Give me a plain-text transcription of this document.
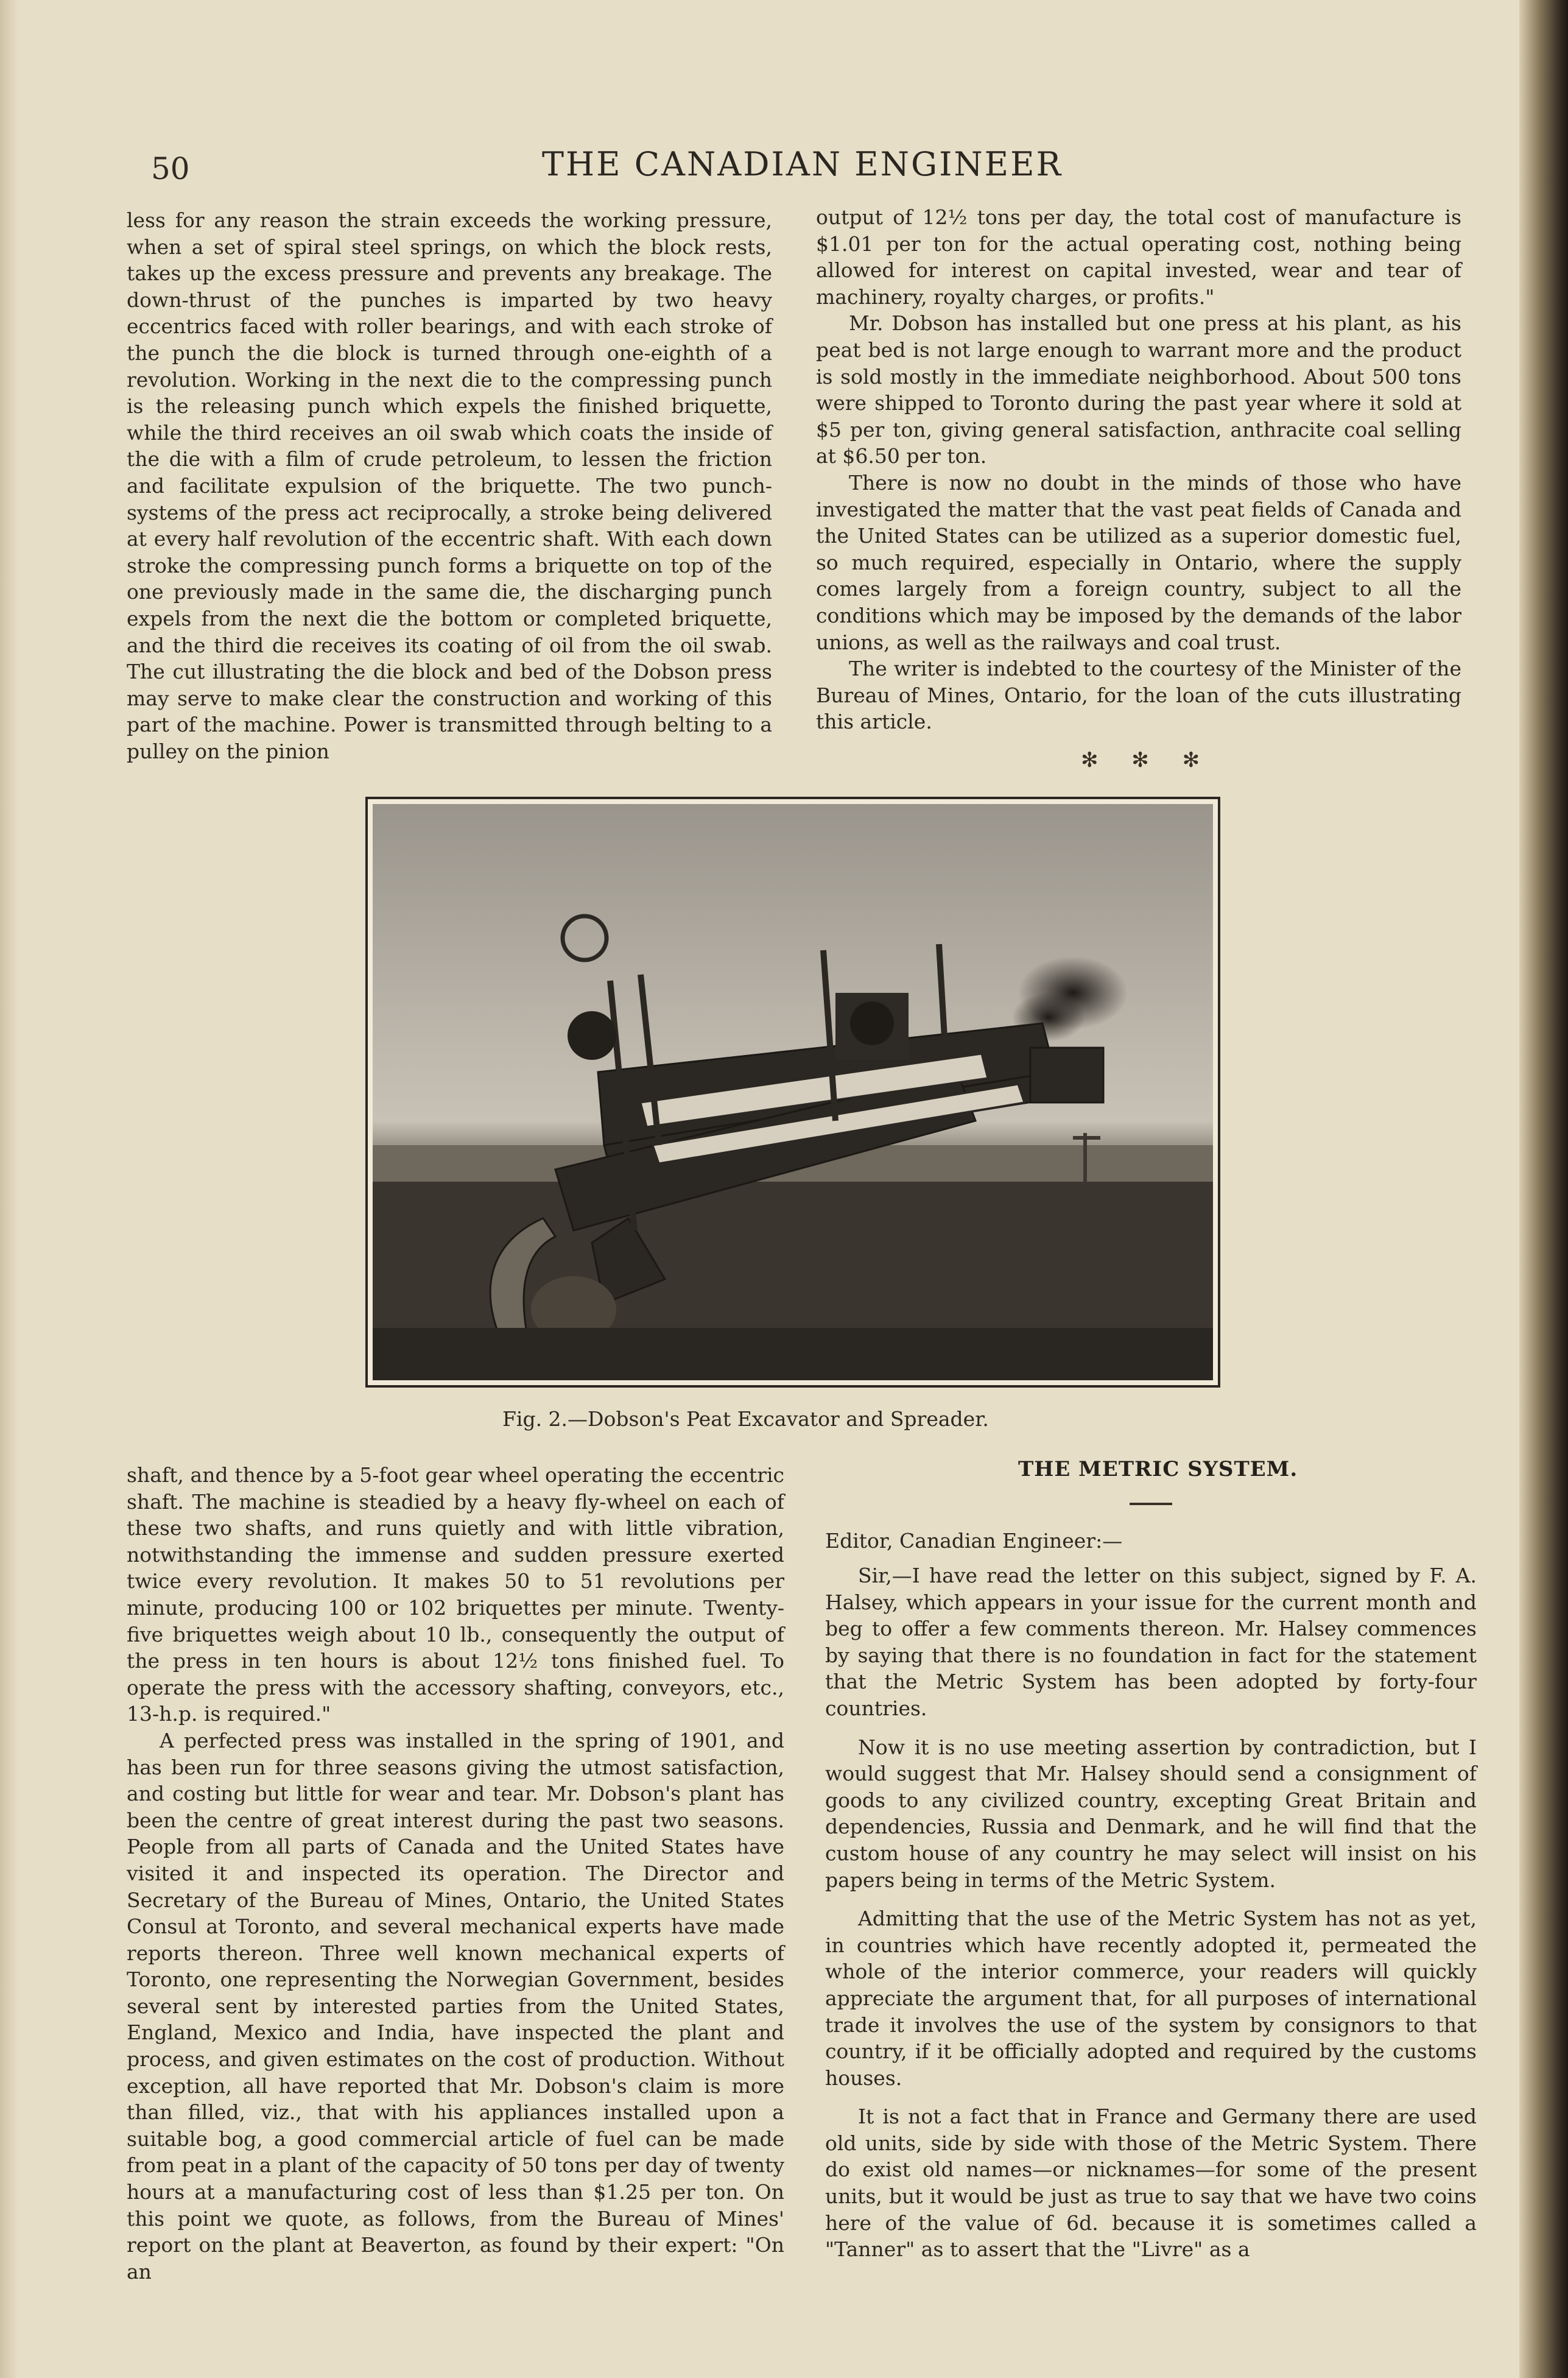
50	THE CANADIAN ENGINEER

less for any reason the strain exceeds the working pressure, when a set of spiral steel springs, on which the block rests, takes up the excess pressure and prevents any breakage. The down-thrust of the punches is imparted by two heavy eccentrics faced with roller bearings, and with each stroke of the punch the die block is turned through one-eighth of a revolution. Working in the next die to the compressing punch is the releasing punch which expels the finished briquette, while the third receives an oil swab which coats the inside of the die with a film of crude petroleum, to lessen the friction and facilitate expulsion of the briquette. The two punch-systems of the press act reciprocally, a stroke being delivered at every half revolution of the eccentric shaft. With each down stroke the compressing punch forms a briquette on top of the one previously made in the same die, the discharging punch expels from the next die the bottom or completed briquette, and the third die receives its coating of oil from the oil swab. The cut illustrating the die block and bed of the Dobson press may serve to make clear the construction and working of this part of the machine. Power is transmitted through belting to a pulley on the pinion

output of 12½ tons per day, the total cost of manufacture is $1.01 per ton for the actual operating cost, nothing being allowed for interest on capital invested, wear and tear of machinery, royalty charges, or profits."

Mr. Dobson has installed but one press at his plant, as his peat bed is not large enough to warrant more and the product is sold mostly in the immediate neighborhood. About 500 tons were shipped to Toronto during the past year where it sold at $5 per ton, giving general satisfaction, anthracite coal selling at $6.50 per ton.

There is now no doubt in the minds of those who have investigated the matter that the vast peat fields of Canada and the United States can be utilized as a superior domestic fuel, so much required, especially in Ontario, where the supply comes largely from a foreign country, subject to all the conditions which may be imposed by the demands of the labor unions, as well as the railways and coal trust.

The writer is indebted to the courtesy of the Minister of the Bureau of Mines, Ontario, for the loan of the cuts illustrating this article.

✻ ✻ ✻
Fig. 2.—Dobson's Peat Excavator and Spreader.

shaft, and thence by a 5-foot gear wheel operating the eccentric shaft. The machine is steadied by a heavy fly-wheel on each of these two shafts, and runs quietly and with little vibration, notwithstanding the immense and sudden pressure exerted twice every revolution. It makes 50 to 51 revolutions per minute, producing 100 or 102 briquettes per minute. Twenty-five briquettes weigh about 10 lb., consequently the output of the press in ten hours is about 12½ tons finished fuel. To operate the press with the accessory shafting, conveyors, etc., 13-h.p. is required."

A perfected press was installed in the spring of 1901, and has been run for three seasons giving the utmost satisfaction, and costing but little for wear and tear. Mr. Dobson's plant has been the centre of great interest during the past two seasons. People from all parts of Canada and the United States have visited it and inspected its operation. The Director and Secretary of the Bureau of Mines, Ontario, the United States Consul at Toronto, and several mechanical experts have made reports thereon. Three well known mechanical experts of Toronto, one representing the Norwegian Government, besides several sent by interested parties from the United States, England, Mexico and India, have inspected the plant and process, and given estimates on the cost of production. Without exception, all have reported that Mr. Dobson's claim is more than filled, viz., that with his appliances installed upon a suitable bog, a good commercial article of fuel can be made from peat in a plant of the capacity of 50 tons per day of twenty hours at a manufacturing cost of less than $1.25 per ton. On this point we quote, as follows, from the Bureau of Mines' report on the plant at Beaverton, as found by their expert: "On an

THE METRIC SYSTEM.
Editor, Canadian Engineer:—

Sir,—I have read the letter on this subject, signed by F. A. Halsey, which appears in your issue for the current month and beg to offer a few comments thereon. Mr. Halsey commences by saying that there is no foundation in fact for the statement that the Metric System has been adopted by forty-four countries.

Now it is no use meeting assertion by contradiction, but I would suggest that Mr. Halsey should send a consignment of goods to any civilized country, excepting Great Britain and dependencies, Russia and Denmark, and he will find that the custom house of any country he may select will insist on his papers being in terms of the Metric System.

Admitting that the use of the Metric System has not as yet, in countries which have recently adopted it, permeated the whole of the interior commerce, your readers will quickly appreciate the argument that, for all purposes of international trade it involves the use of the system by consignors to that country, if it be officially adopted and required by the customs houses.

It is not a fact that in France and Germany there are used old units, side by side with those of the Metric System. There do exist old names—or nicknames—for some of the present units, but it would be just as true to say that we have two coins here of the value of 6d. because it is sometimes called a "Tanner" as to assert that the "Livre" as a
